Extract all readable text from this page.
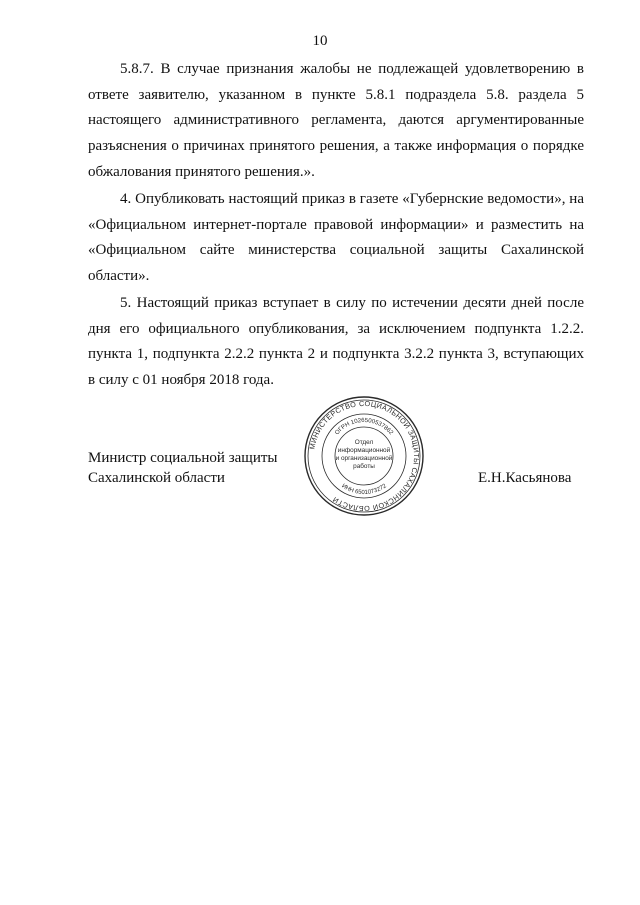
10

5.8.7. В случае признания жалобы не подлежащей удовлетворению в ответе заявителю, указанном в пункте 5.8.1 подраздела 5.8. раздела 5 настоящего административного регламента, даются аргументированные разъяснения о причинах принятого решения, а также информация о порядке обжалования принятого решения.».

4. Опубликовать настоящий приказ в газете «Губернские ведомости», на «Официальном интернет-портале правовой информации» и разместить на «Официальном сайте министерства социальной защиты Сахалинской области».

5. Настоящий приказ вступает в силу по истечении десяти дней после дня его официального опубликования, за исключением подпункта 1.2.2. пункта 1, подпункта 2.2.2 пункта 2 и подпункта 3.2.2 пункта 3, вступающих в силу с 01 ноября 2018 года.

Министр социальной защиты
Сахалинской области
МИНИСТЕРСТВО СОЦИАЛЬНОЙ ЗАЩИТЫ САХАЛИНСКОЙ ОБЛАСТИ
ОГРН 1026500537862
ИНН 6501073272
Отдел
информационной
и организационной
работы
Е.Н.Касьянова
